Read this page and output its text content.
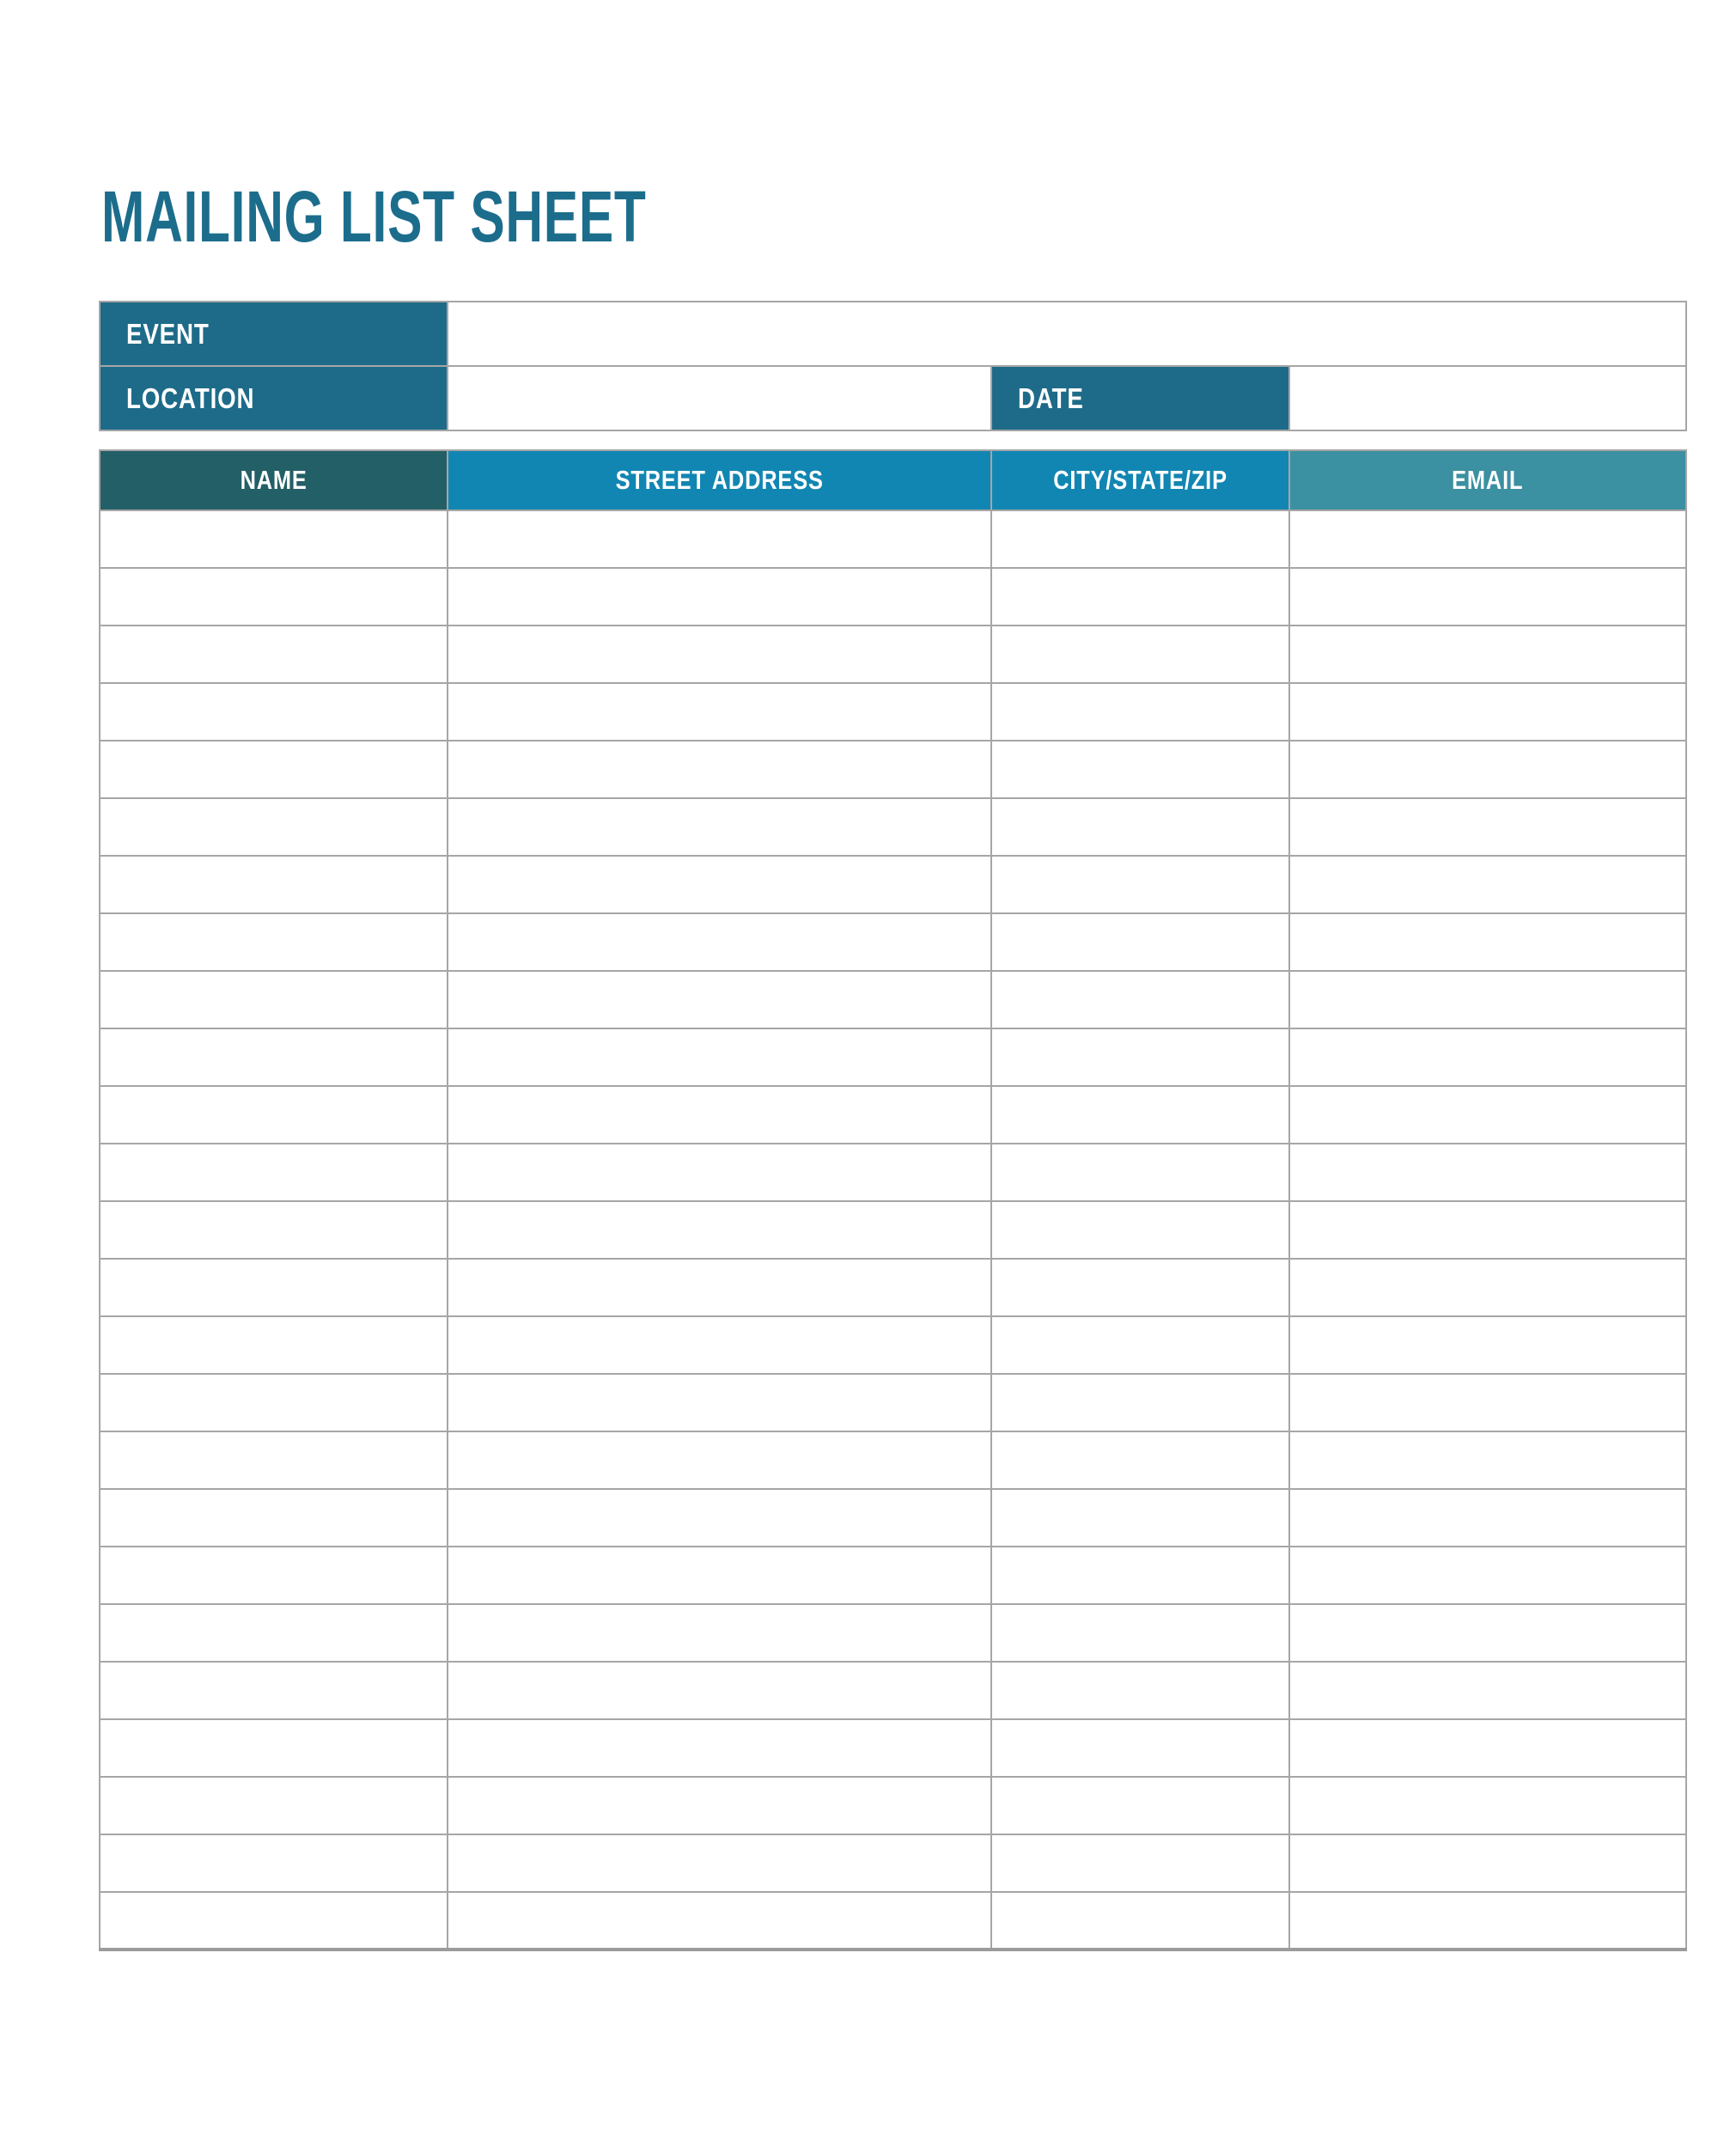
MAILING LIST SHEET
EVENT			
LOCATION		DATE	
NAME	STREET ADDRESS	CITY/STATE/ZIP	EMAIL
